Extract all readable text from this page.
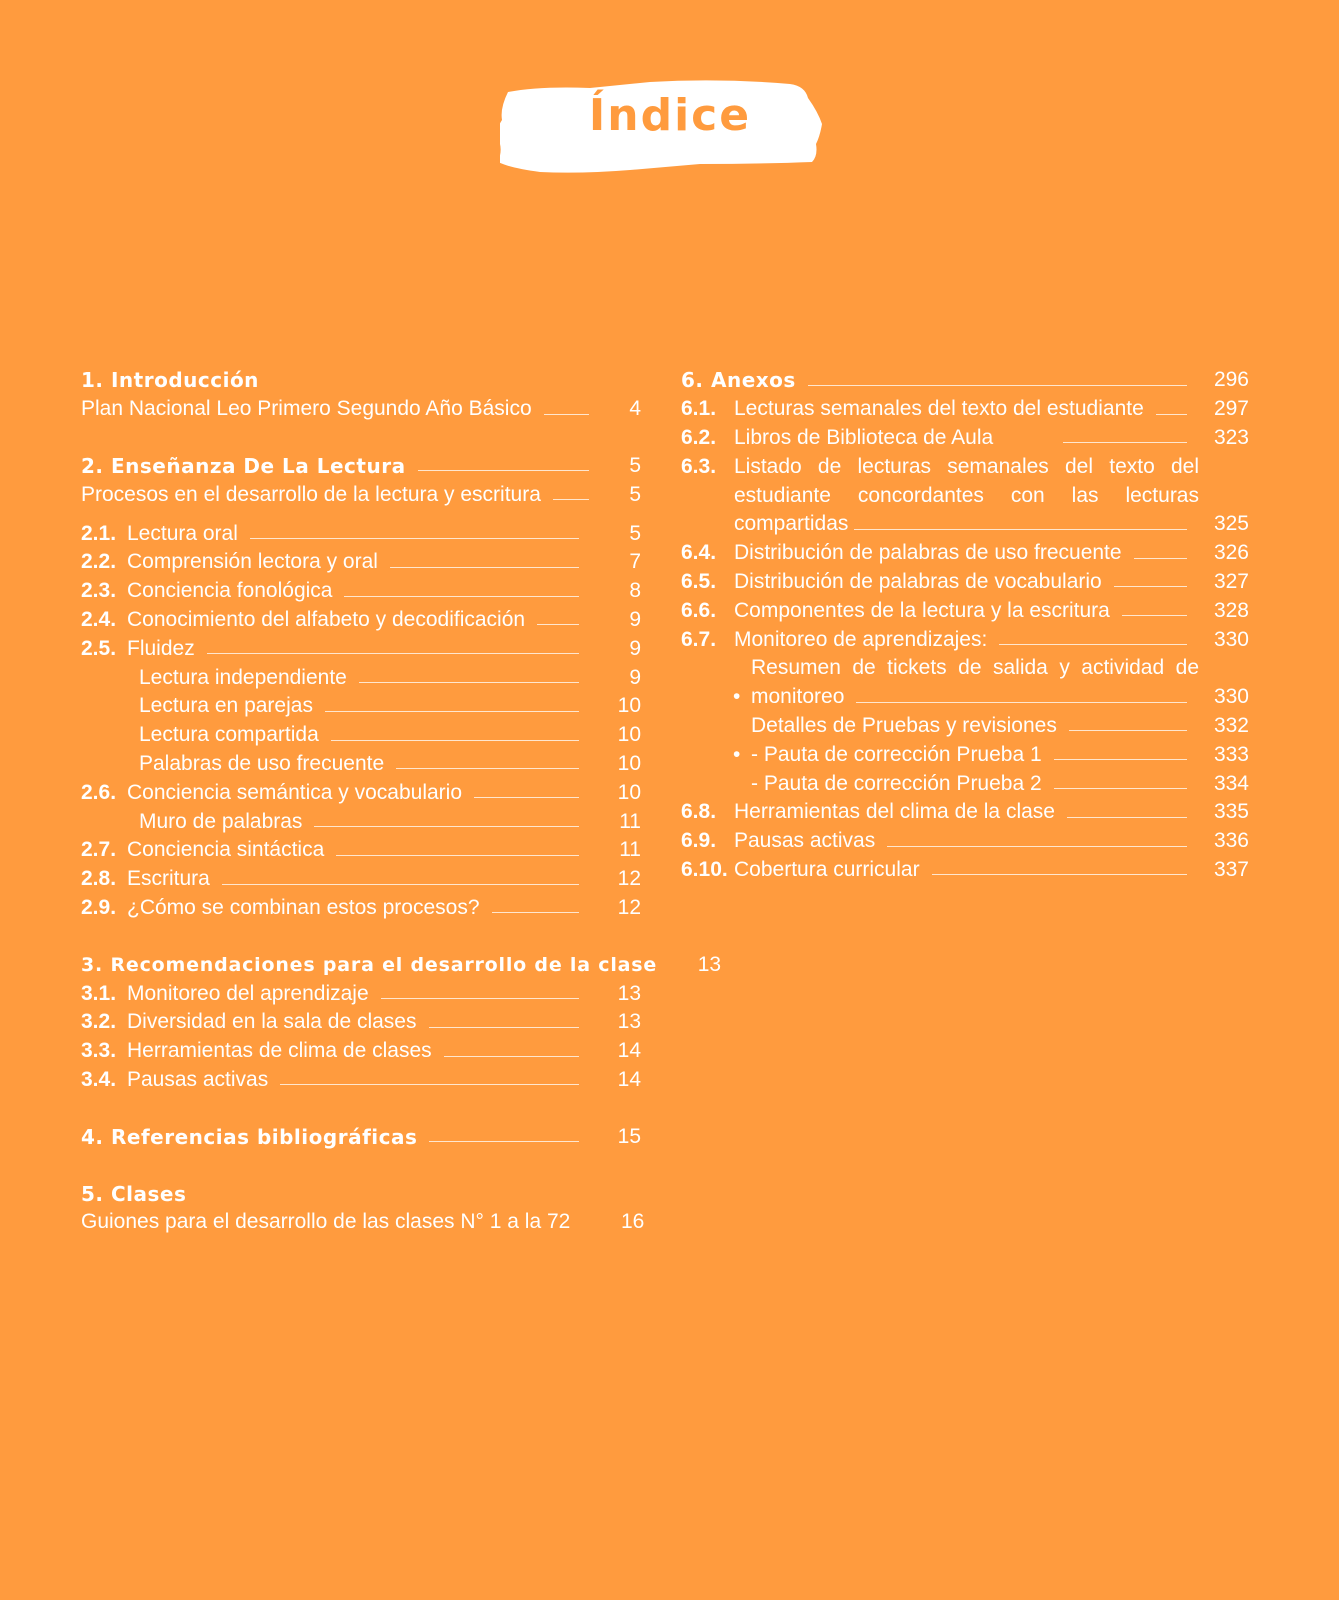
Índice
1. Introducción
Plan Nacional Leo Primero Segundo Año Básico	4
2. Enseñanza De La Lectura	5
Procesos en el desarrollo de la lectura y escritura	5
2.1. Lectura oral	5
2.2. Comprensión lectora y oral	7
2.3. Conciencia fonológica	8
2.4. Conocimiento del alfabeto y decodificación	9
2.5. Fluidez	9
Lectura independiente	9
Lectura en parejas	10
Lectura compartida	10
Palabras de uso frecuente	10
2.6. Conciencia semántica y vocabulario	10
Muro de palabras	11
2.7. Conciencia sintáctica	11
2.8. Escritura	12
2.9. ¿Cómo se combinan estos procesos?	12
3. Recomendaciones para el desarrollo de la clase	13
3.1. Monitoreo del aprendizaje	13
3.2. Diversidad en la sala de clases	13
3.3. Herramientas de clima de clases	14
3.4. Pausas activas	14
4. Referencias bibliográficas	15
5. Clases
Guiones para el desarrollo de las clases N° 1 a la 72	16
6. Anexos	296
6.1. Lecturas semanales del texto del estudiante	297
6.2. Libros de Biblioteca de Aula	323
6.3. Listado de lecturas semanales del texto del
estudiante concordantes con las lecturas
compartidas	325
6.4. Distribución de palabras de uso frecuente	326
6.5. Distribución de palabras de vocabulario	327
6.6. Componentes de la lectura y la escritura	328
6.7. Monitoreo de aprendizajes:	330
Resumen de tickets de salida y actividad de
• monitoreo	330
Detalles de Pruebas y revisiones	332
• - Pauta de corrección Prueba 1	333
- Pauta de corrección Prueba 2	334
6.8. Herramientas del clima de la clase	335
6.9. Pausas activas	336
6.10. Cobertura curricular	337
